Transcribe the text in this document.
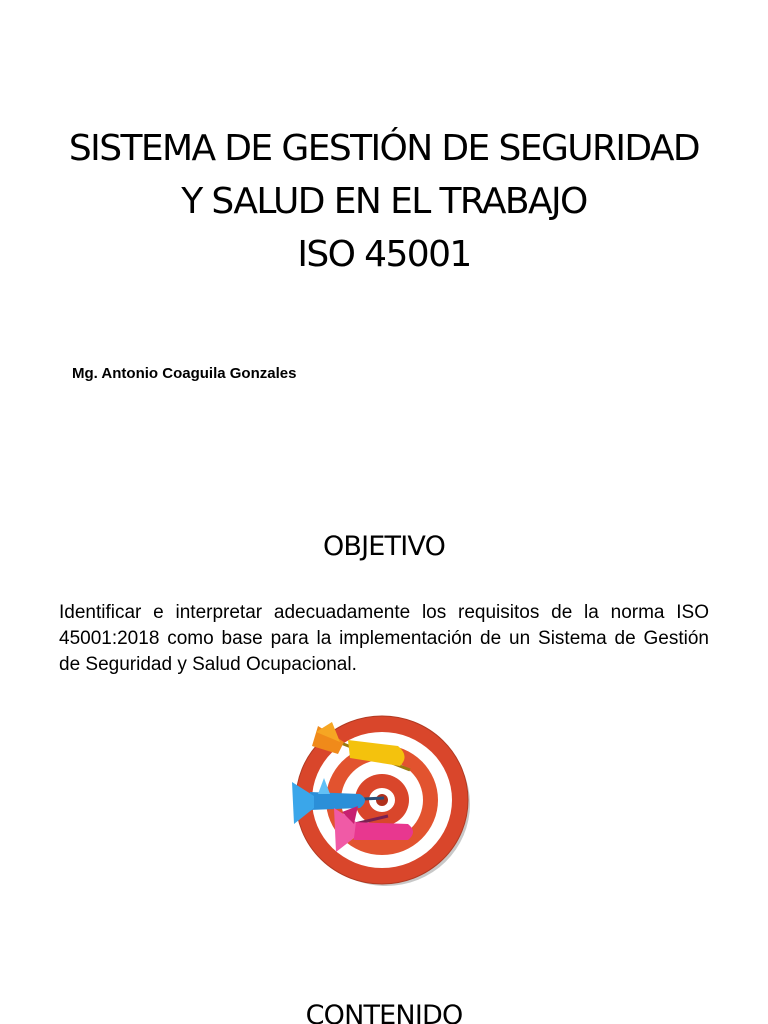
SISTEMA DE GESTIÓN DE SEGURIDAD
Y SALUD EN EL TRABAJO
ISO 45001

Mg. Antonio Coaguila Gonzales

OBJETIVO

Identificar e interpretar adecuadamente los requisitos de la norma ISO 45001:2018 como base para la implementación de un Sistema de Gestión de Seguridad y Salud Ocupacional.

CONTENIDO
